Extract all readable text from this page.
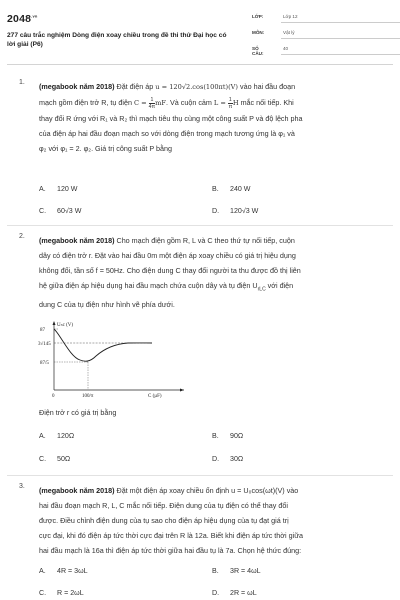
$2048^{.vn}$
277 câu trắc nghiệm Dòng điện xoay chiều trong đề thi thử Đại học có lời giải (P6)
LỚP:	Lớp 12
MÔN:	Vật lý
SỐ CÂU:
40
1. (megabook năm 2018) Đặt điện áp u = 120√2.cos(100πt)(V) vào hai đầu đoạn
mạch gồm điện trở R, tụ điện $C = \frac{1}{4\pi}$ mF. Và cuộn cảm $L = \frac{1}{\pi}$ H mắc nối tiếp. Khi
thay đổi R ứng với R₁ và R₂ thì mạch tiêu thụ cùng một công suất P và độ lệch pha
của điện áp hai đầu đoạn mạch so với dòng điện trong mạch tương ứng là φ₁ và
φ₂ với φ₁ = 2. φ₂. Giá trị công suất P bằng
A. 120 W	B. 240 W
C. 60√3 W	D. 120√3 W
2. (megabook năm 2018) Cho mạch điện gồm R, L và C theo thứ tự nối tiếp, cuộn
dây có điện trở r. Đặt vào hai đầu 0m một điện áp xoay chiều có giá trị hiệu dụng
không đổi, tần số f = 50Hz. Cho điện dung C thay đổi người ta thu được đồ thị liên
hệ giữa điện áp hiệu dụng hai đầu mạch chứa cuộn dây và tụ điện $U_{rLC}$ với điện
dung C của tụ điện như hình vẽ phía dưới.
Uₙc (V)
87
3√145
87/5
0	100/π	C (µF)
Điện trở r có giá trị bằng
A. 120Ω	B. 90Ω
C. 50Ω	D. 30Ω
3. (megabook năm 2018) Đặt một điện áp xoay chiều ổn định u = U₀cos(ωt)(V) vào
hai đầu đoạn mạch R, L, C mắc nối tiếp. Điện dung của tụ điện có thể thay đổi
được. Điều chỉnh điện dung của tụ sao cho điện áp hiệu dụng của tụ đạt giá trị
cực đại, khi đó điện áp tức thời cực đại trên R là 12a. Biết khi điện áp tức thời giữa
hai đầu mạch là 16a thì điện áp tức thời giữa hai đầu tụ là 7a. Chọn hệ thức đúng:
A. 4R = 3ωL	B. 3R = 4ωL
C. R = 2ωL	D. 2R = ωL
